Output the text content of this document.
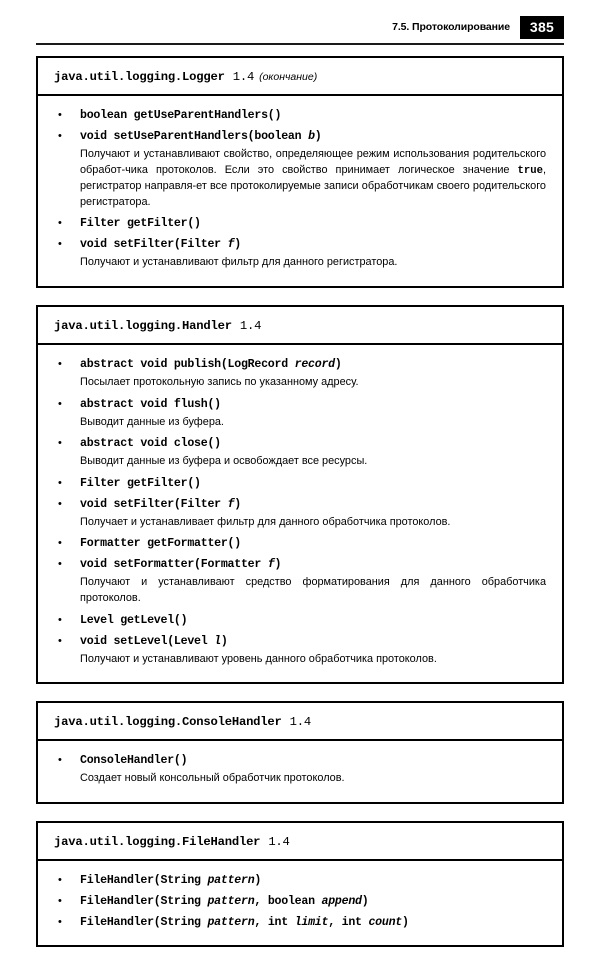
7.5. Протоколирование	385
java.util.logging.Logger 1.4 (окончание)
• boolean getUseParentHandlers()
• void setUseParentHandlers(boolean b)
Получают и устанавливают свойство, определяющее режим использования родительского обработ-чика протоколов. Если это свойство принимает логическое значение true, регистратор направля-ет все протоколируемые записи обработчикам своего родительского регистратора.
• Filter getFilter()
• void setFilter(Filter f)
Получают и устанавливают фильтр для данного регистратора.
java.util.logging.Handler 1.4
• abstract void publish(LogRecord record)
Посылает протокольную запись по указанному адресу.
• abstract void flush()
Выводит данные из буфера.
• abstract void close()
Выводит данные из буфера и освобождает все ресурсы.
• Filter getFilter()
• void setFilter(Filter f)
Получает и устанавливает фильтр для данного обработчика протоколов.
• Formatter getFormatter()
• void setFormatter(Formatter f)
Получают и устанавливают средство форматирования для данного обработчика протоколов.
• Level getLevel()
• void setLevel(Level l)
Получают и устанавливают уровень данного обработчика протоколов.
java.util.logging.ConsoleHandler 1.4
• ConsoleHandler()
Создает новый консольный обработчик протоколов.
java.util.logging.FileHandler 1.4
• FileHandler(String pattern)
• FileHandler(String pattern, boolean append)
• FileHandler(String pattern, int limit, int count)
